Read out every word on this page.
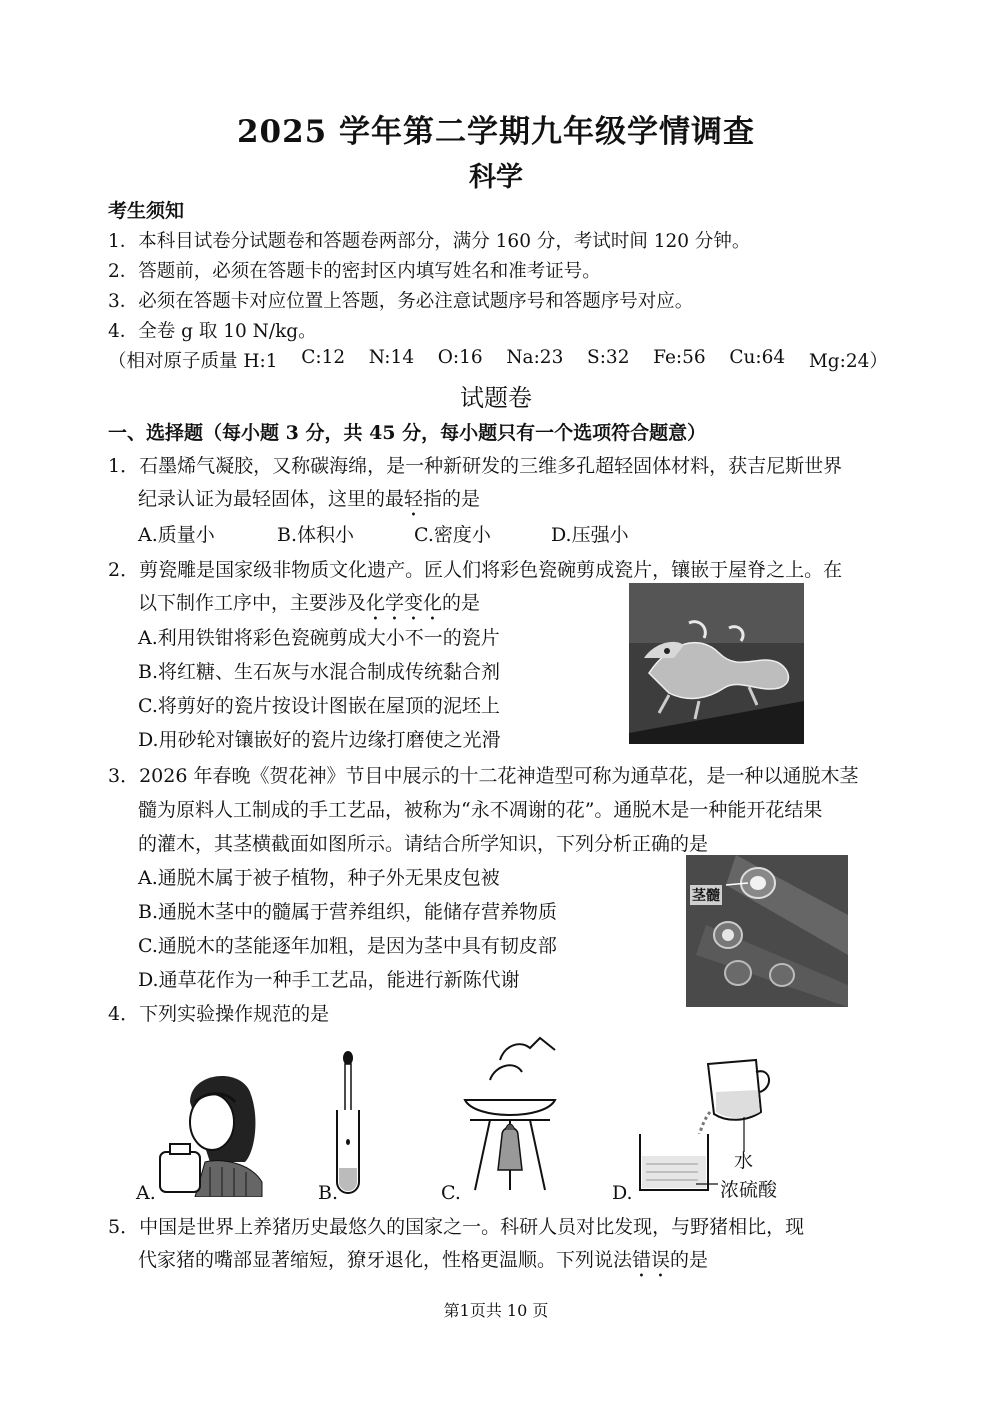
2025 学年第二学期九年级学情调查
科学
考生须知
1．本科目试卷分试题卷和答题卷两部分，满分 160 分，考试时间 120 分钟。
2．答题前，必须在答题卡的密封区内填写姓名和准考证号。
3．必须在答题卡对应位置上答题，务必注意试题序号和答题序号对应。
4．全卷 g 取 10 N/kg。
（相对原子质量 H:1 C:12 N:14 O:16 Na:23 S:32 Fe:56 Cu:64 Mg:24）
试题卷
一、选择题（每小题 3 分，共 45 分，每小题只有一个选项符合题意）
1．石墨烯气凝胶，又称碳海绵，是一种新研发的三维多孔超轻固体材料，获吉尼斯世界
纪录认证为最轻固体，这里的最轻指的是
A.质量小	B.体积小	C.密度小	D.压强小
2．剪瓷雕是国家级非物质文化遗产。匠人们将彩色瓷碗剪成瓷片，镶嵌于屋脊之上。在
以下制作工序中，主要涉及化学变化的是
A.利用铁钳将彩色瓷碗剪成大小不一的瓷片
B.将红糖、生石灰与水混合制成传统黏合剂
C.将剪好的瓷片按设计图嵌在屋顶的泥坯上
D.用砂轮对镶嵌好的瓷片边缘打磨使之光滑
3．2026 年春晚《贺花神》节目中展示的十二花神造型可称为通草花，是一种以通脱木茎
髓为原料人工制成的手工艺品，被称为“永不凋谢的花”。通脱木是一种能开花结果
的灌木，其茎横截面如图所示。请结合所学知识，下列分析正确的是
A.通脱木属于被子植物，种子外无果皮包被
B.通脱木茎中的髓属于营养组织，能储存营养物质
C.通脱木的茎能逐年加粗，是因为茎中具有韧皮部
D.通草花作为一种手工艺品，能进行新陈代谢
茎髓
4．下列实验操作规范的是
A.	B.	C.	D.
水
浓硫酸
5．中国是世界上养猪历史最悠久的国家之一。科研人员对比发现，与野猪相比，现
代家猪的嘴部显著缩短，獠牙退化，性格更温顺。下列说法错误的是
第1页共 10 页
